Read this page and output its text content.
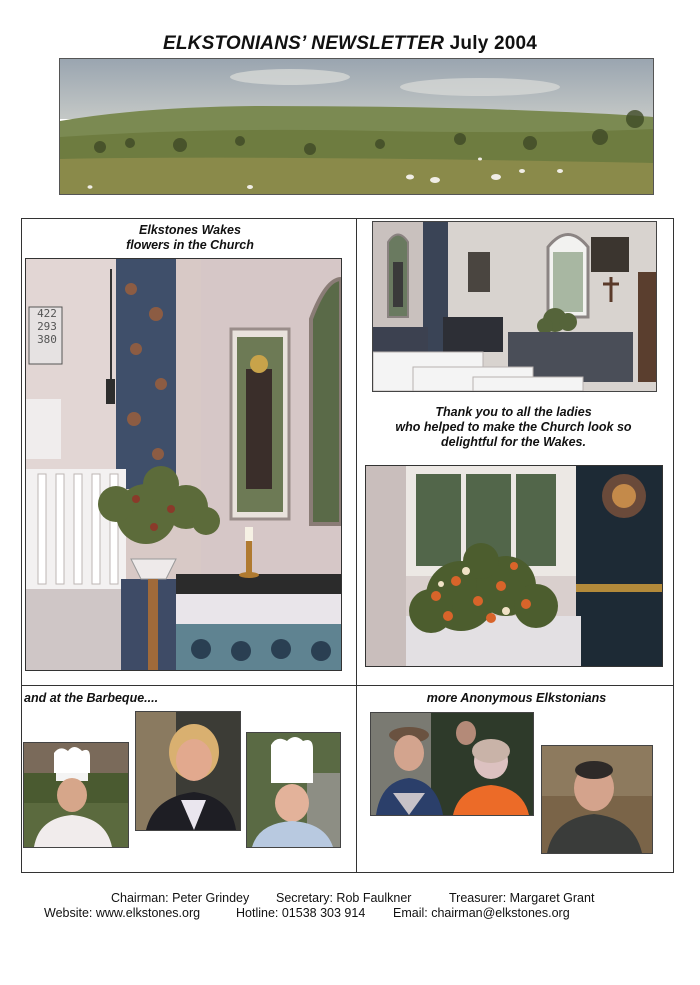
ELKSTONIANS’ NEWSLETTER July 2004
Elkstones Wakes
flowers in the Church
422
293
380
Thank you to all the ladies
who helped to make the Church look so
delightful for the Wakes.
and at the Barbeque....	more Anonymous Elkstonians
Chairman: Peter Grindey Secretary: Rob Faulkner	Treasurer: Margaret Grant
Website: www.elkstones.org	Hotline: 01538 303 914 Email: chairman@elkstones.org
